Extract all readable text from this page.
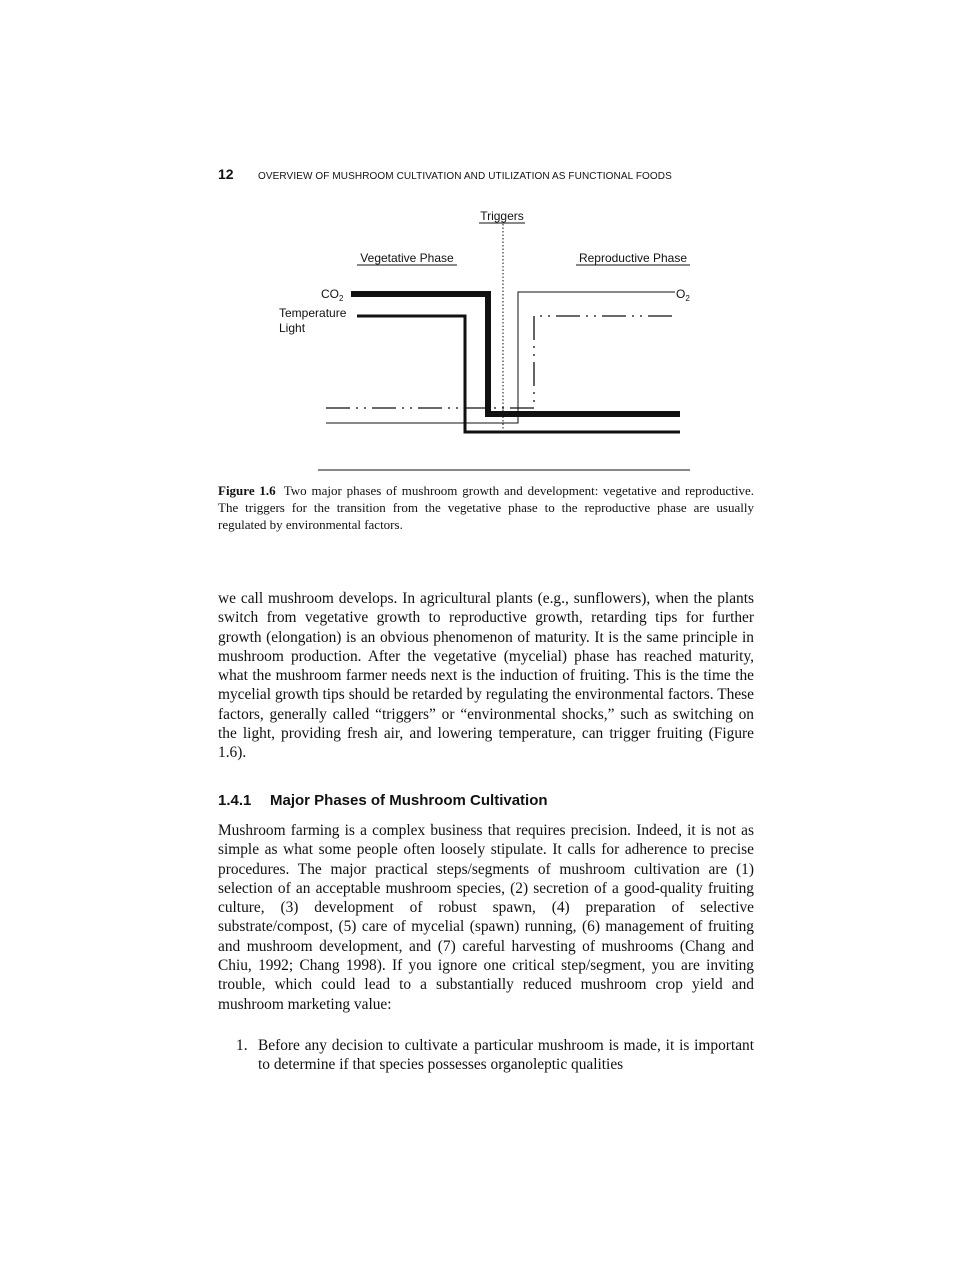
12 OVERVIEW OF MUSHROOM CULTIVATION AND UTILIZATION AS FUNCTIONAL FOODS
Triggers
Vegetative Phase	Reproductive Phase
$CO_2$	$O_2$
Temperature
Light
Figure 1.6 Two major phases of mushroom growth and development: vegetative and reproductive. The triggers for the transition from the vegetative phase to the reproductive phase are usually regulated by environmental factors.

we call mushroom develops. In agricultural plants (e.g., sunflowers), when the plants switch from vegetative growth to reproductive growth, retarding tips for further growth (elongation) is an obvious phenomenon of maturity. It is the same principle in mushroom production. After the vegetative (mycelial) phase has reached maturity, what the mushroom farmer needs next is the induction of fruiting. This is the time the mycelial growth tips should be retarded by regulating the environmental factors. These factors, generally called “triggers” or “environmental shocks,” such as switching on the light, providing fresh air, and lowering temperature, can trigger fruiting (Figure 1.6).

1.4.1 Major Phases of Mushroom Cultivation

Mushroom farming is a complex business that requires precision. Indeed, it is not as simple as what some people often loosely stipulate. It calls for adherence to precise procedures. The major practical steps/segments of mushroom cultivation are (1) selection of an acceptable mushroom species, (2) secretion of a good-quality fruiting culture, (3) development of robust spawn, (4) preparation of selective substrate/compost, (5) care of mycelial (spawn) running, (6) management of fruiting and mushroom development, and (7) careful harvesting of mushrooms (Chang and Chiu, 1992; Chang 1998). If you ignore one critical step/segment, you are inviting trouble, which could lead to a substantially reduced mushroom crop yield and mushroom marketing value:

1. Before any decision to cultivate a particular mushroom is made, it is important to determine if that species possesses organoleptic qualities
